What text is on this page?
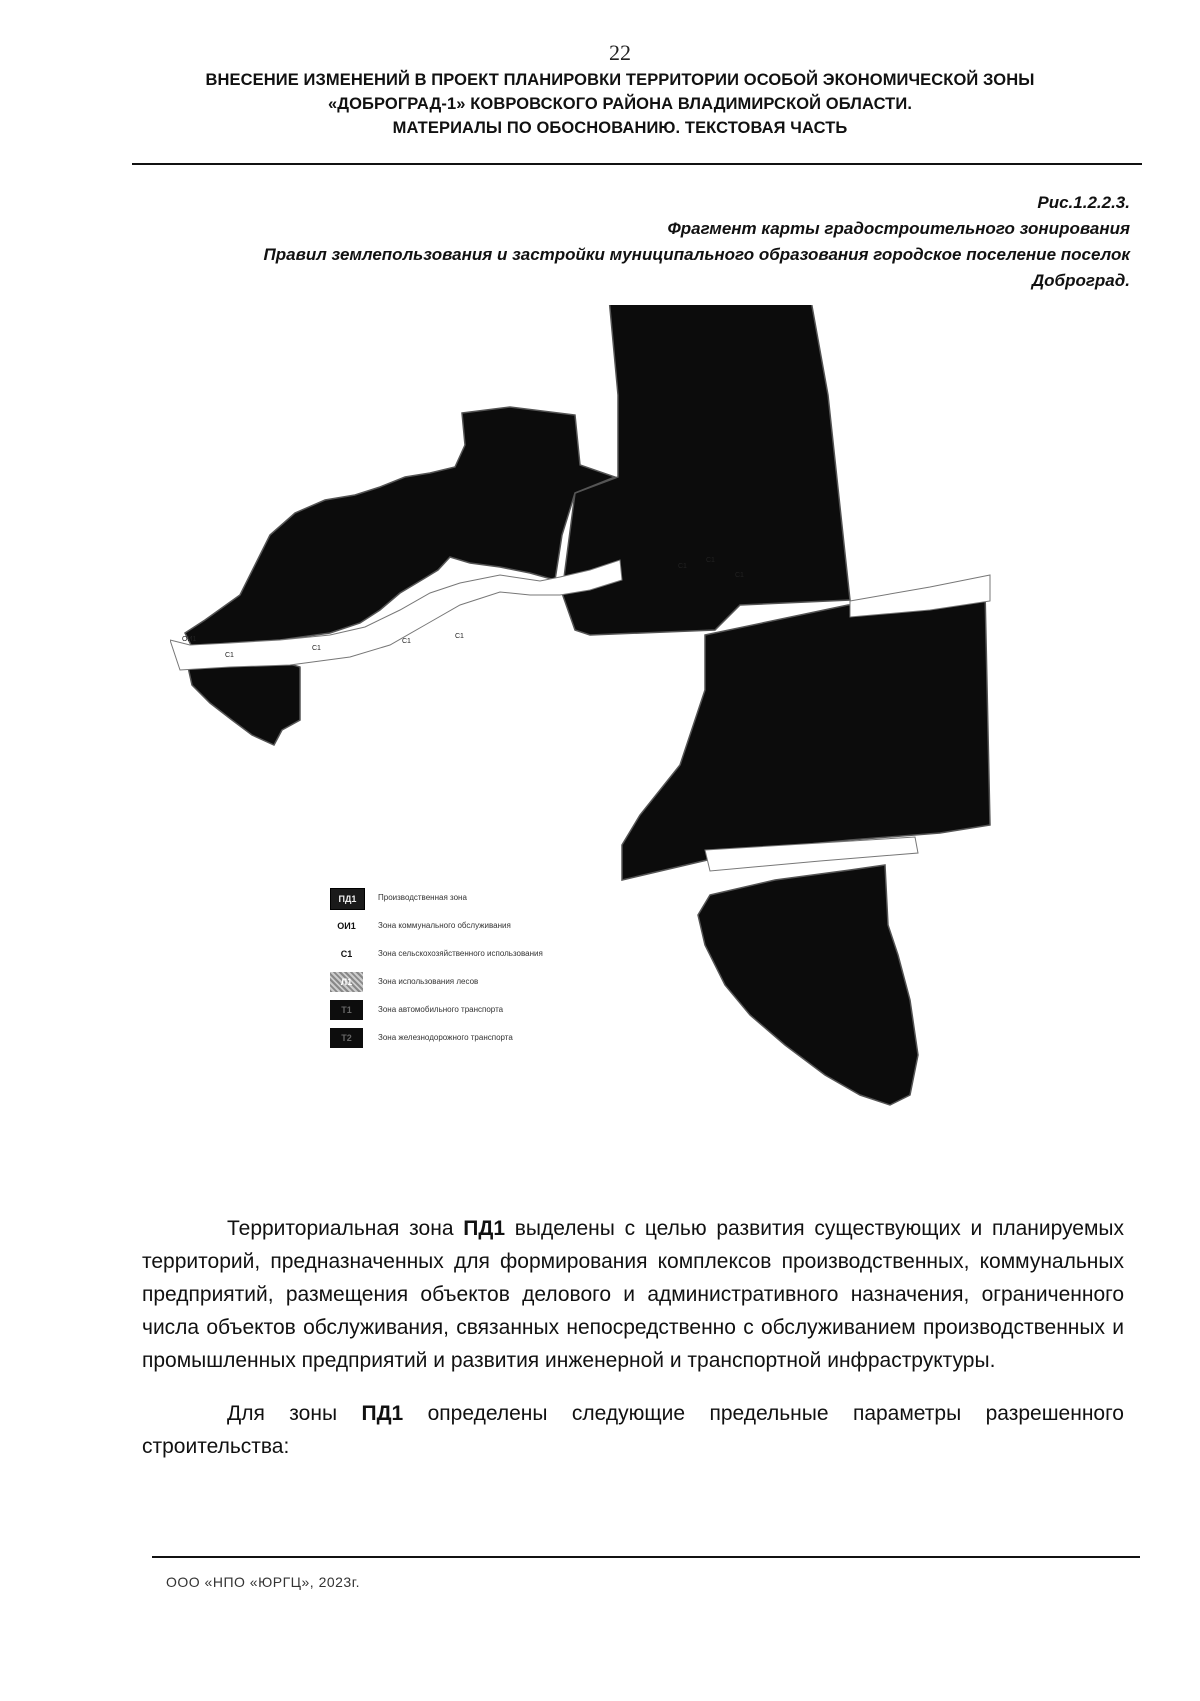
22
ВНЕСЕНИЕ ИЗМЕНЕНИЙ В ПРОЕКТ ПЛАНИРОВКИ ТЕРРИТОРИИ ОСОБОЙ ЭКОНОМИЧЕСКОЙ ЗОНЫ
«ДОБРОГРАД-1» КОВРОВСКОГО РАЙОНА ВЛАДИМИРСКОЙ ОБЛАСТИ.
МАТЕРИАЛЫ ПО ОБОСНОВАНИЮ. ТЕКСТОВАЯ ЧАСТЬ
Рис.1.2.2.3.
Фрагмент карты градостроительного зонирования
Правил землепользования и застройки муниципального образования городское поселение поселок
Доброград.
ОИ1
С1
С1
С1
С1
С1
С1
С1
ПД1	Производственная зона
ОИ1	Зона коммунального обслуживания
С1	Зона сельскохозяйственного использования
Л1	Зона использования лесов
Т1	Зона автомобильного транспорта
Т2	Зона железнодорожного транспорта

Территориальная зона ПД1 выделены с целью развития существующих и планируемых территорий, предназначенных для формирования комплексов производственных, коммунальных предприятий, размещения объектов делового и административного назначения, ограниченного числа объектов обслуживания, связанных непосредственно с обслуживанием производственных и промышленных предприятий и развития инженерной и транспортной инфраструктуры.

Для зоны ПД1 определены следующие предельные параметры разрешенного строительства:

ООО «НПО «ЮРГЦ», 2023г.
